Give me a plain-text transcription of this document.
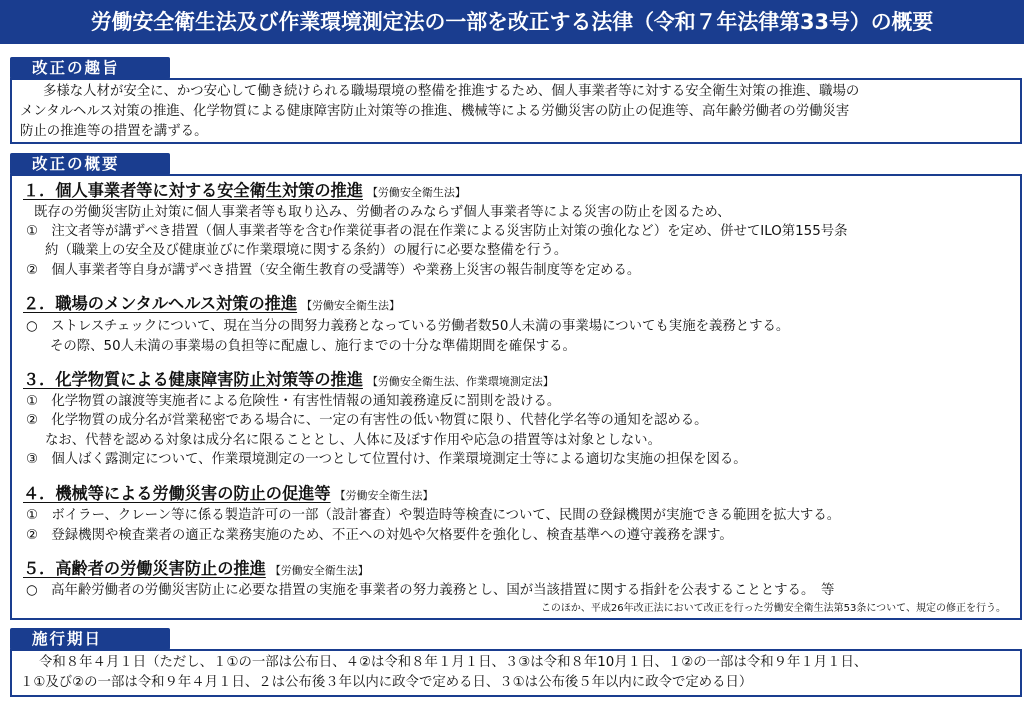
労働安全衛生法及び作業環境測定法の一部を改正する法律（令和７年法律第33号）の概要
改正の趣旨
多様な人材が安全に、かつ安心して働き続けられる職場環境の整備を推進するため、個人事業者等に対する安全衛生対策の推進、職場の
メンタルヘルス対策の推進、化学物質による健康障害防止対策等の推進、機械等による労働災害の防止の促進等、高年齢労働者の労働災害
防止の推進等の措置を講ずる。
改正の概要
１．個人事業者等に対する安全衛生対策の推進 【労働安全衛生法】
既存の労働災害防止対策に個人事業者等も取り込み、労働者のみならず個人事業者等による災害の防止を図るため、
①　注文者等が講ずべき措置（個人事業者等を含む作業従事者の混在作業による災害防止対策の強化など）を定め、併せてILO第155号条
約（職業上の安全及び健康並びに作業環境に関する条約）の履行に必要な整備を行う。
②　個人事業者等自身が講ずべき措置（安全衛生教育の受講等）や業務上災害の報告制度等を定める。
２．職場のメンタルヘルス対策の推進 【労働安全衛生法】
○　ストレスチェックについて、現在当分の間努力義務となっている労働者数50人未満の事業場についても実施を義務とする。
その際、50人未満の事業場の負担等に配慮し、施行までの十分な準備期間を確保する。
３．化学物質による健康障害防止対策等の推進 【労働安全衛生法、作業環境測定法】
①　化学物質の譲渡等実施者による危険性・有害性情報の通知義務違反に罰則を設ける。
②　化学物質の成分名が営業秘密である場合に、一定の有害性の低い物質に限り、代替化学名等の通知を認める。
なお、代替を認める対象は成分名に限ることとし、人体に及ぼす作用や応急の措置等は対象としない。
③　個人ばく露測定について、作業環境測定の一つとして位置付け、作業環境測定士等による適切な実施の担保を図る。
４．機械等による労働災害の防止の促進等 【労働安全衛生法】
①　ボイラー、クレーン等に係る製造許可の一部（設計審査）や製造時等検査について、民間の登録機関が実施できる範囲を拡大する。
②　登録機関や検査業者の適正な業務実施のため、不正への対処や欠格要件を強化し、検査基準への遵守義務を課す。
５．高齢者の労働災害防止の推進 【労働安全衛生法】
○　高年齢労働者の労働災害防止に必要な措置の実施を事業者の努力義務とし、国が当該措置に関する指針を公表することとする。　等
このほか、平成26年改正法において改正を行った労働安全衛生法第53条について、規定の修正を行う。
施行期日
令和８年４月１日（ただし、１①の一部は公布日、４②は令和８年１月１日、３③は令和８年10月１日、１②の一部は令和９年１月１日、
１①及び②の一部は令和９年４月１日、２は公布後３年以内に政令で定める日、３①は公布後５年以内に政令で定める日）
